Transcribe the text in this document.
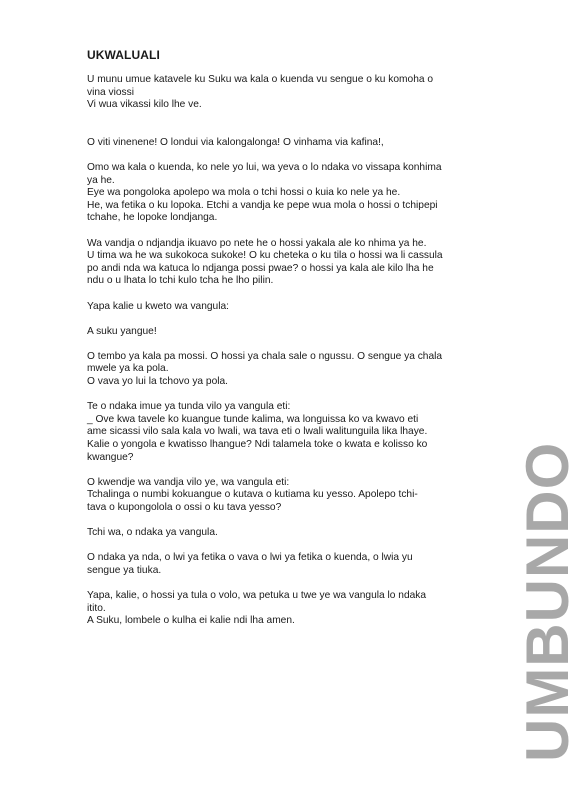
UKWALUALI
U munu umue katavele ku Suku wa kala o kuenda vu sengue o ku komoha o
vina viossi
Vi wua vikassi kilo lhe ve.
O viti vinenene! O londui via kalongalonga! O vinhama via kafina!,
Omo wa kala o kuenda, ko nele yo lui, wa yeva o lo ndaka vo vissapa konhima
ya he.
Eye wa pongoloka apolepo wa mola o tchi hossi o kuia ko nele ya he.
He, wa fetika o ku lopoka. Etchi a vandja ke pepe wua mola o hossi o tchipepi
tchahe, he lopoke londjanga.
Wa vandja o ndjandja ikuavo po nete he o hossi yakala ale ko nhima ya he.
U tima wa he wa sukokoca sukoke! O ku cheteka o ku tila o hossi wa li cassula
po andi nda wa katuca lo ndjanga possi pwae? o hossi ya kala ale kilo lha he
ndu o u lhata lo tchi kulo tcha he lho pilin.
Yapa kalie u kweto wa vangula:
A suku yangue!
O tembo ya kala pa mossi. O hossi ya chala sale o ngussu. O sengue ya chala
mwele ya ka pola.
O vava yo lui la tchovo ya pola.
Te o ndaka imue ya tunda vilo ya vangula eti:
_ Ove kwa tavele ko kuangue tunde kalima, wa longuissa ko va kwavo eti
ame sicassi vilo sala kala vo lwali, wa tava eti o lwali walitunguila lika lhaye.
Kalie o yongola e kwatisso lhangue? Ndi talamela toke o kwata e kolisso ko
kwangue?
O kwendje wa vandja vilo ye, wa vangula eti:
Tchalinga o numbi kokuangue o kutava o kutiama ku yesso. Apolepo tchi-
tava o kupongolola o ossi o ku tava yesso?
Tchi wa, o ndaka ya vangula.
O ndaka ya nda, o lwi ya fetika o vava o lwi ya fetika o kuenda, o lwia yu
sengue ya tiuka.
Yapa, kalie, o hossi ya tula o volo, wa petuka u twe ye wa vangula lo ndaka
itito.
A Suku, lombele o kulha ei kalie ndi lha amen.	UMBUNDO
